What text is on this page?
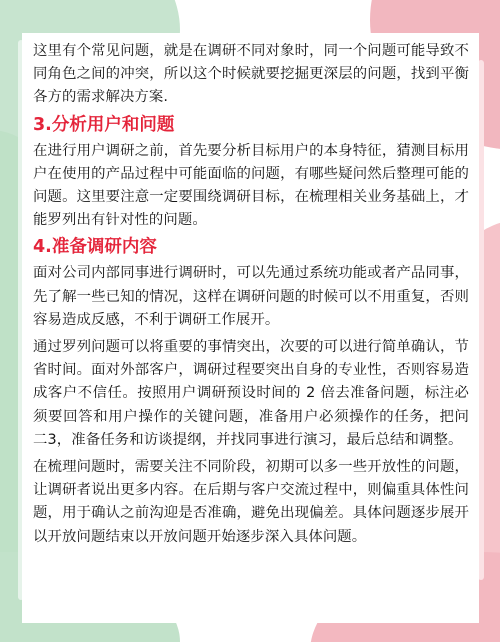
这里有个常见问题，就是在调研不同对象时，同一个问题可能导致不同角色之间的冲突，所以这个时候就要挖掘更深层的问题，找到平衡各方的需求解决方案.

3.分析用户和问题

在进行用户调研之前，首先要分析目标用户的本身特征，猜测目标用户在使用的产品过程中可能面临的问题，有哪些疑问然后整理可能的问题。这里要注意一定要围绕调研目标，在梳理相关业务基础上，才能罗列出有针对性的问题。

4.准备调研内容

面对公司内部同事进行调研时，可以先通过系统功能或者产品同事，先了解一些已知的情况，这样在调研问题的时候可以不用重复，否则容易造成反感，不利于调研工作展开。

通过罗列问题可以将重要的事情突出，次要的可以进行简单确认，节省时间。面对外部客户，调研过程要突出自身的专业性，否则容易造成客户不信任。按照用户调研预设时间的 2 倍去准备问题，标注必须要回答和用户操作的关键问题，准备用户必须操作的任务，把问 二3，准备任务和访谈提纲，并找同事进行演习，最后总结和调整。

在梳理问题时，需要关注不同阶段，初期可以多一些开放性的问题，让调研者说出更多内容。在后期与客户交流过程中，则偏重具体性问题，用于确认之前沟迎是否准确，避免出现偏差。具体问题逐步展开以开放问题结束以开放问题开始逐步深入具体问题。
